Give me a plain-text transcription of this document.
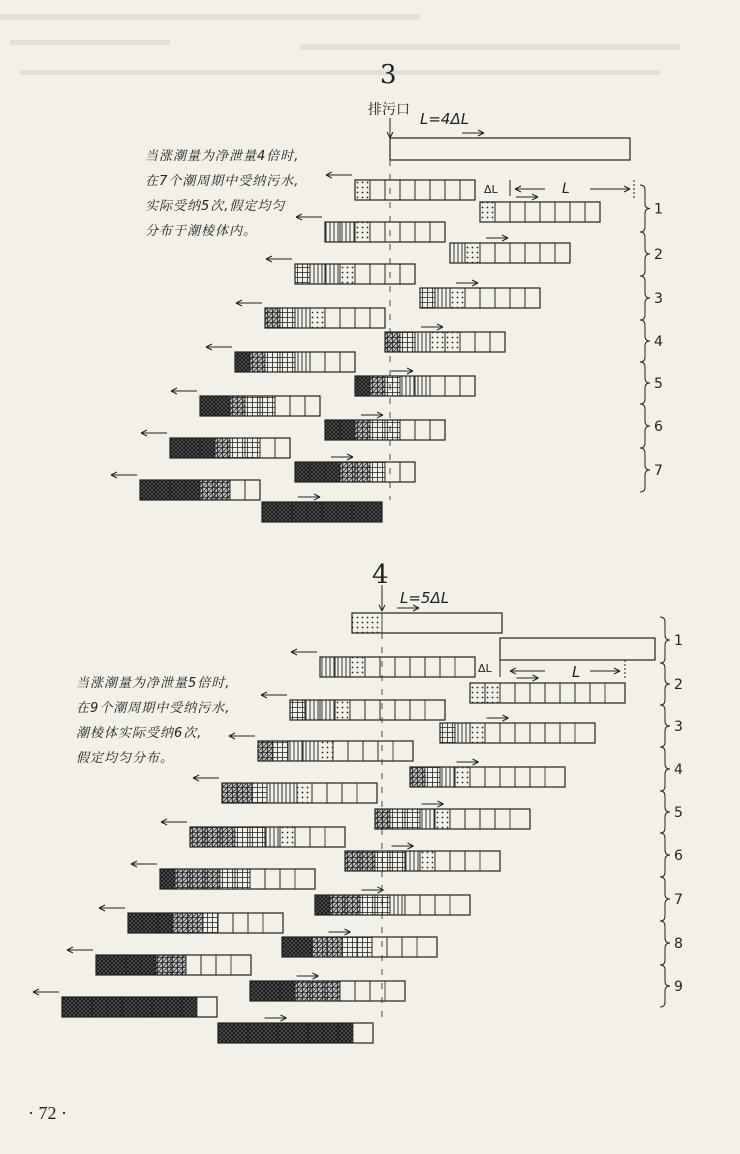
3
当涨潮量为净泄量4倍时,
在7个潮周期中受纳污水,
实际受纳5次,假定均匀
分布于潮棱体内。
排污口 L=4ΔL
ΔL	L
1
2
3
4
5
6
7
4
当涨潮量为净泄量5倍时,
在9个潮周期中受纳污水,
潮棱体实际受纳6次,
假定均匀分布。
L=5ΔL
ΔL	L
1
2
3
4
5
6
7
8
9
· 72 ·
